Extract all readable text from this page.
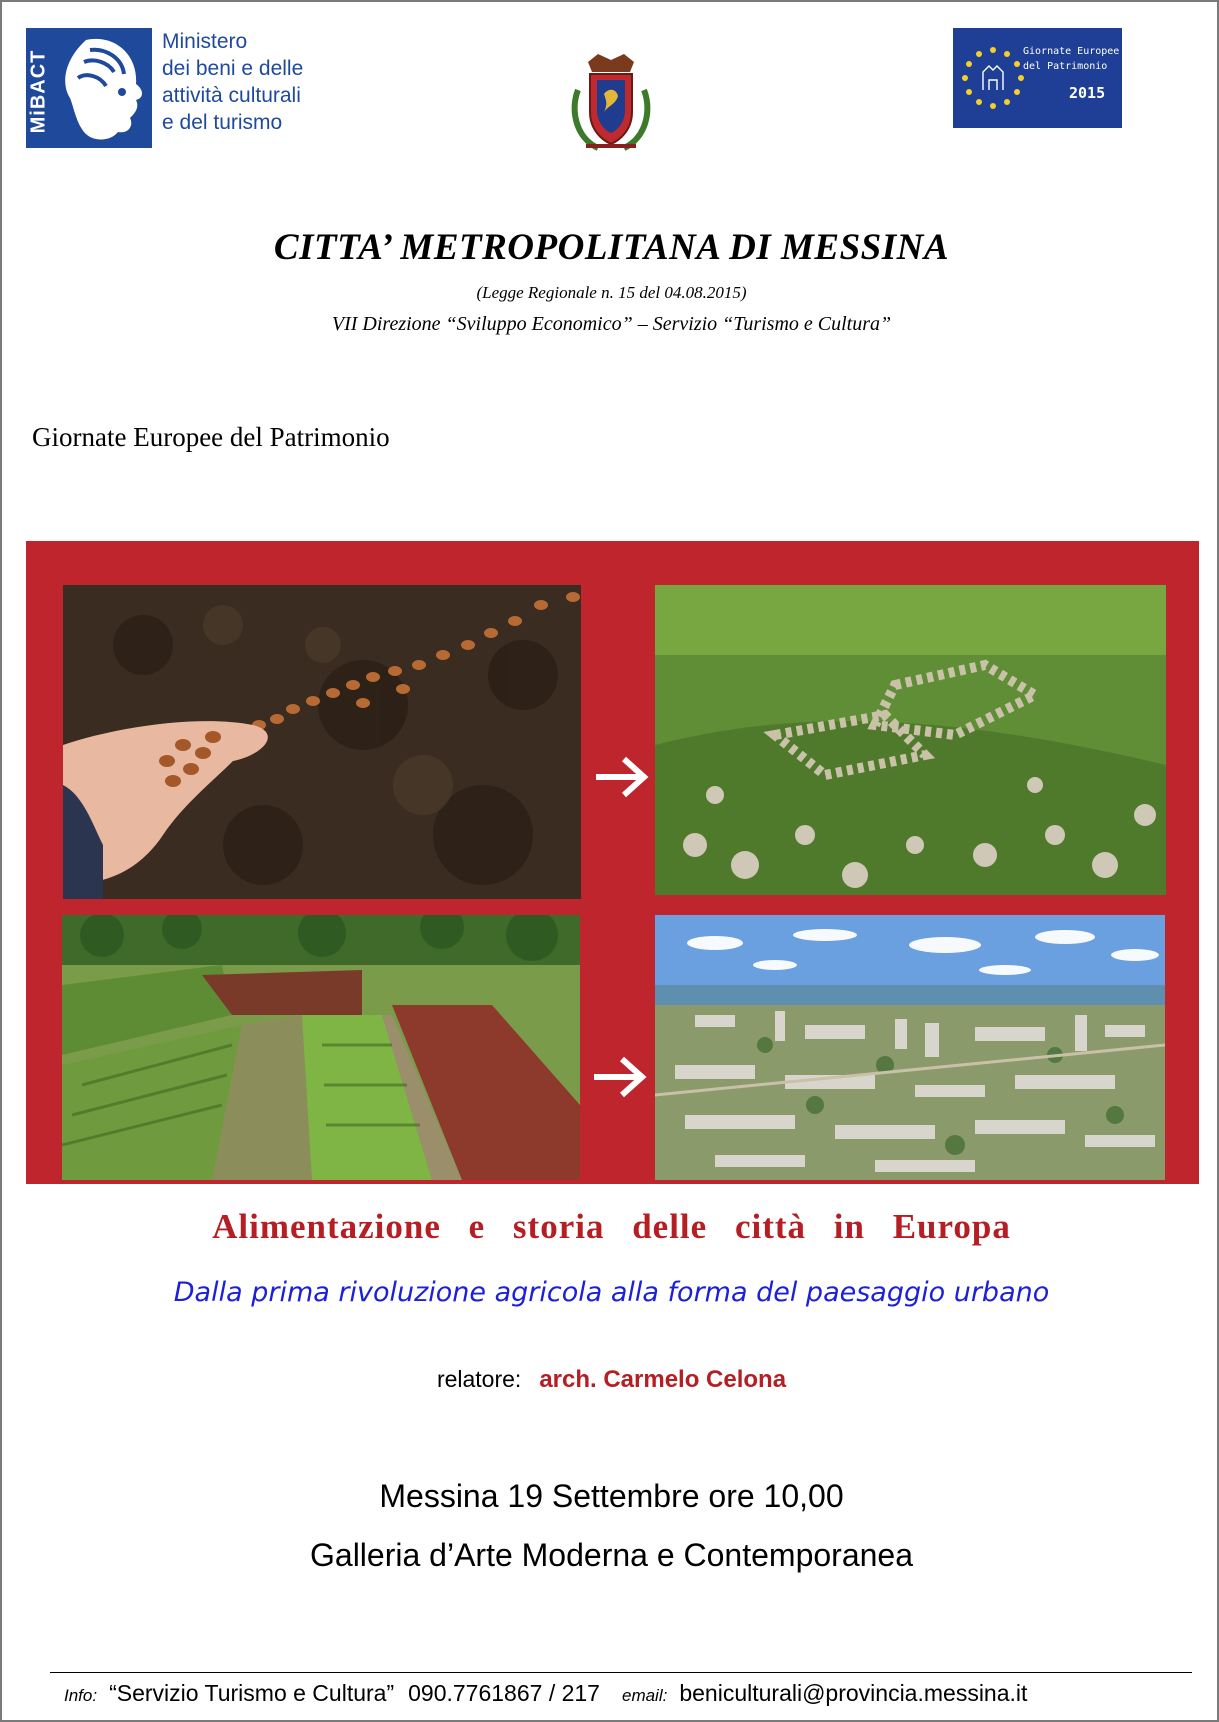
MiBACT
Ministero
dei beni e delle
attività culturali
e del turismo
Giornate Europee
del Patrimonio
2015
CITTA’ METROPOLITANA DI MESSINA
(Legge Regionale n. 15 del 04.08.2015)
VII Direzione “Sviluppo Economico” – Servizio “Turismo e Cultura”
Giornate Europee del Patrimonio
Alimentazione e storia delle città in Europa
Dalla prima rivoluzione agricola alla forma del paesaggio urbano
relatore: arch. Carmelo Celona
Messina 19 Settembre ore 10,00
Galleria d’Arte Moderna e Contemporanea
Info: “Servizio Turismo e Cultura” 090.7761867 / 217 email: beniculturali@provincia.messina.it
